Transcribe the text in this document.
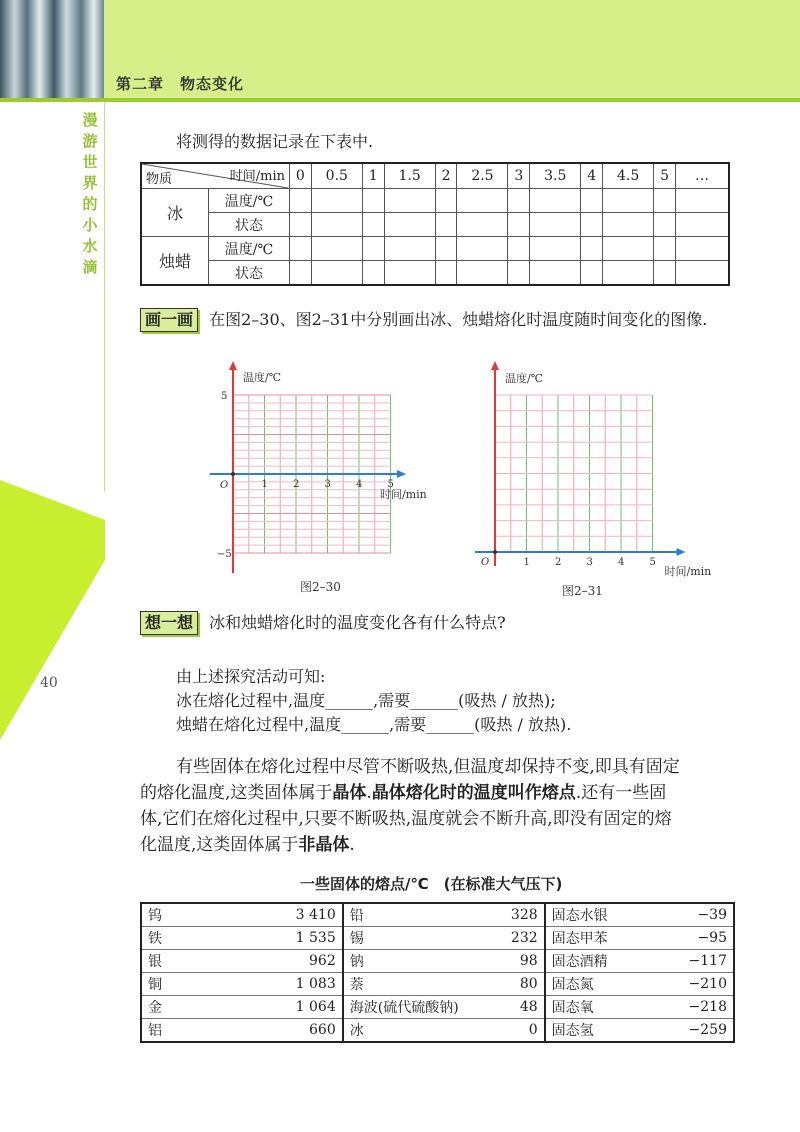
第二章　物态变化
漫
游
世
界
的
小
水
滴
40
将测得的数据记录在下表中.
时间/min
物质		0	0.5	1	1.5	2	2.5	3	3.5	4	4.5	5	…
冰	温度/℃												
	状态												
烛蜡	温度/℃												
	状态												
画一画 在图2–30、图2–31中分别画出冰、烛蜡熔化时温度随时间变化的图像.
温度/℃
O	1	2	3	4	5
5
−5
时间/min
图2–30
温度/℃
O	1	2	3	4	5
时间/min
图2–31
想一想 冰和烛蜡熔化时的温度变化各有什么特点?
由上述探究活动可知:
冰在熔化过程中,温度______,需要______(吸热 / 放热);
烛蜡在熔化过程中,温度______,需要______(吸热 / 放热).
有些固体在熔化过程中尽管不断吸热,但温度却保持不变,即具有固定
的熔化温度,这类固体属于晶体.晶体熔化时的温度叫作熔点.还有一些固
体,它们在熔化过程中,只要不断吸热,温度就会不断升高,即没有固定的熔
化温度,这类固体属于非晶体.
一些固体的熔点/℃　(在标准大气压下)
钨	3 410	铅	328	固态水银	−39
铁	1 535	锡	232	固态甲苯	−95
银	962	钠	98	固态酒精	−117
铜	1 083	萘	80	固态氮	−210
金	1 064	海波(硫代硫酸钠)	48	固态氧	−218
铝	660	冰	0	固态氢	−259
